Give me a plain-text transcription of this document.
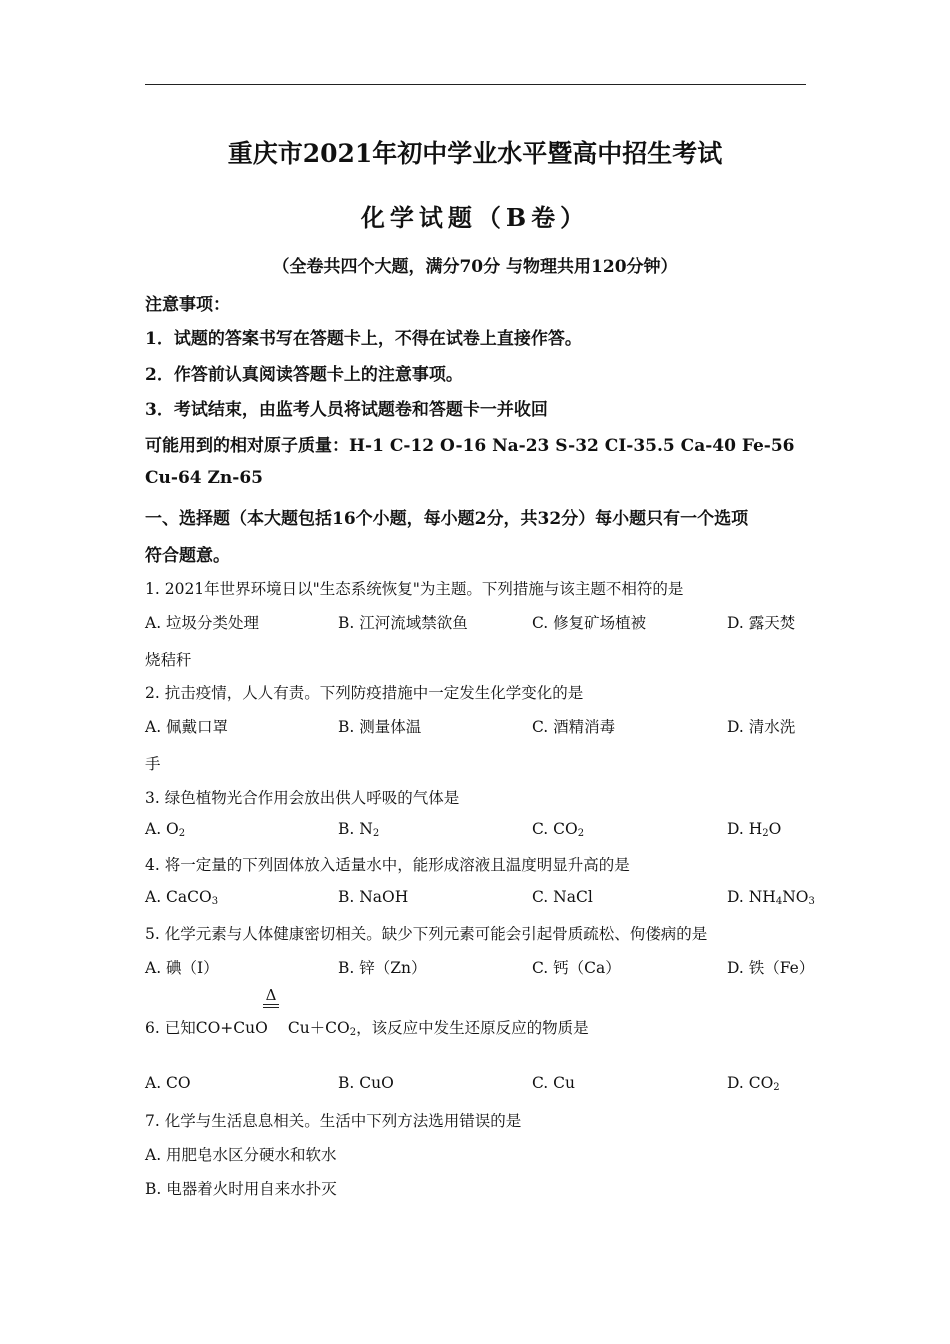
重庆市2021年初中学业水平暨高中招生考试
化学试题（B卷）
（全卷共四个大题，满分70分 与物理共用120分钟）
注意事项：
1．试题的答案书写在答题卡上，不得在试卷上直接作答。
2．作答前认真阅读答题卡上的注意事项。
3．考试结束，由监考人员将试题卷和答题卡一并收回
可能用到的相对原子质量：H-1 C-12 O-16 Na-23 S-32 CI-35.5 Ca-40 Fe-56
Cu-64 Zn-65
一、选择题（本大题包括16个小题，每小题2分，共32分）每小题只有一个选项
符合题意。
1. 2021年世界环境日以"生态系统恢复"为主题。下列措施与该主题不相符的是
A. 垃圾分类处理	B. 江河流域禁欲鱼	C. 修复矿场植被	D. 露天焚
烧秸秆
2. 抗击疫情，人人有责。下列防疫措施中一定发生化学变化的是
A. 佩戴口罩	B. 测量体温	C. 酒精消毒	D. 清水洗
手
3. 绿色植物光合作用会放出供人呼吸的气体是
A. $O_2$	B. $N_2$	C. $CO_2$	D. $H_2O$
4. 将一定量的下列固体放入适量水中，能形成溶液且温度明显升高的是
A. CaCO$_3$	B. NaOH	C. NaCl	D. $NH_4NO_3$
5. 化学元素与人体健康密切相关。缺少下列元素可能会引起骨质疏松、佝偻病的是
A. 碘（I）	B. 锌（Zn）	C. 钙（Ca）	D. 铁（Fe）
Δ
6. 已知CO+CuO $Cu+CO_2$，该反应中发生还原反应的物质是
A. CO	B. CuO	C. Cu	D. $CO_2$
7. 化学与生活息息相关。生活中下列方法选用错误的是
A. 用肥皂水区分硬水和软水
B. 电器着火时用自来水扑灭
